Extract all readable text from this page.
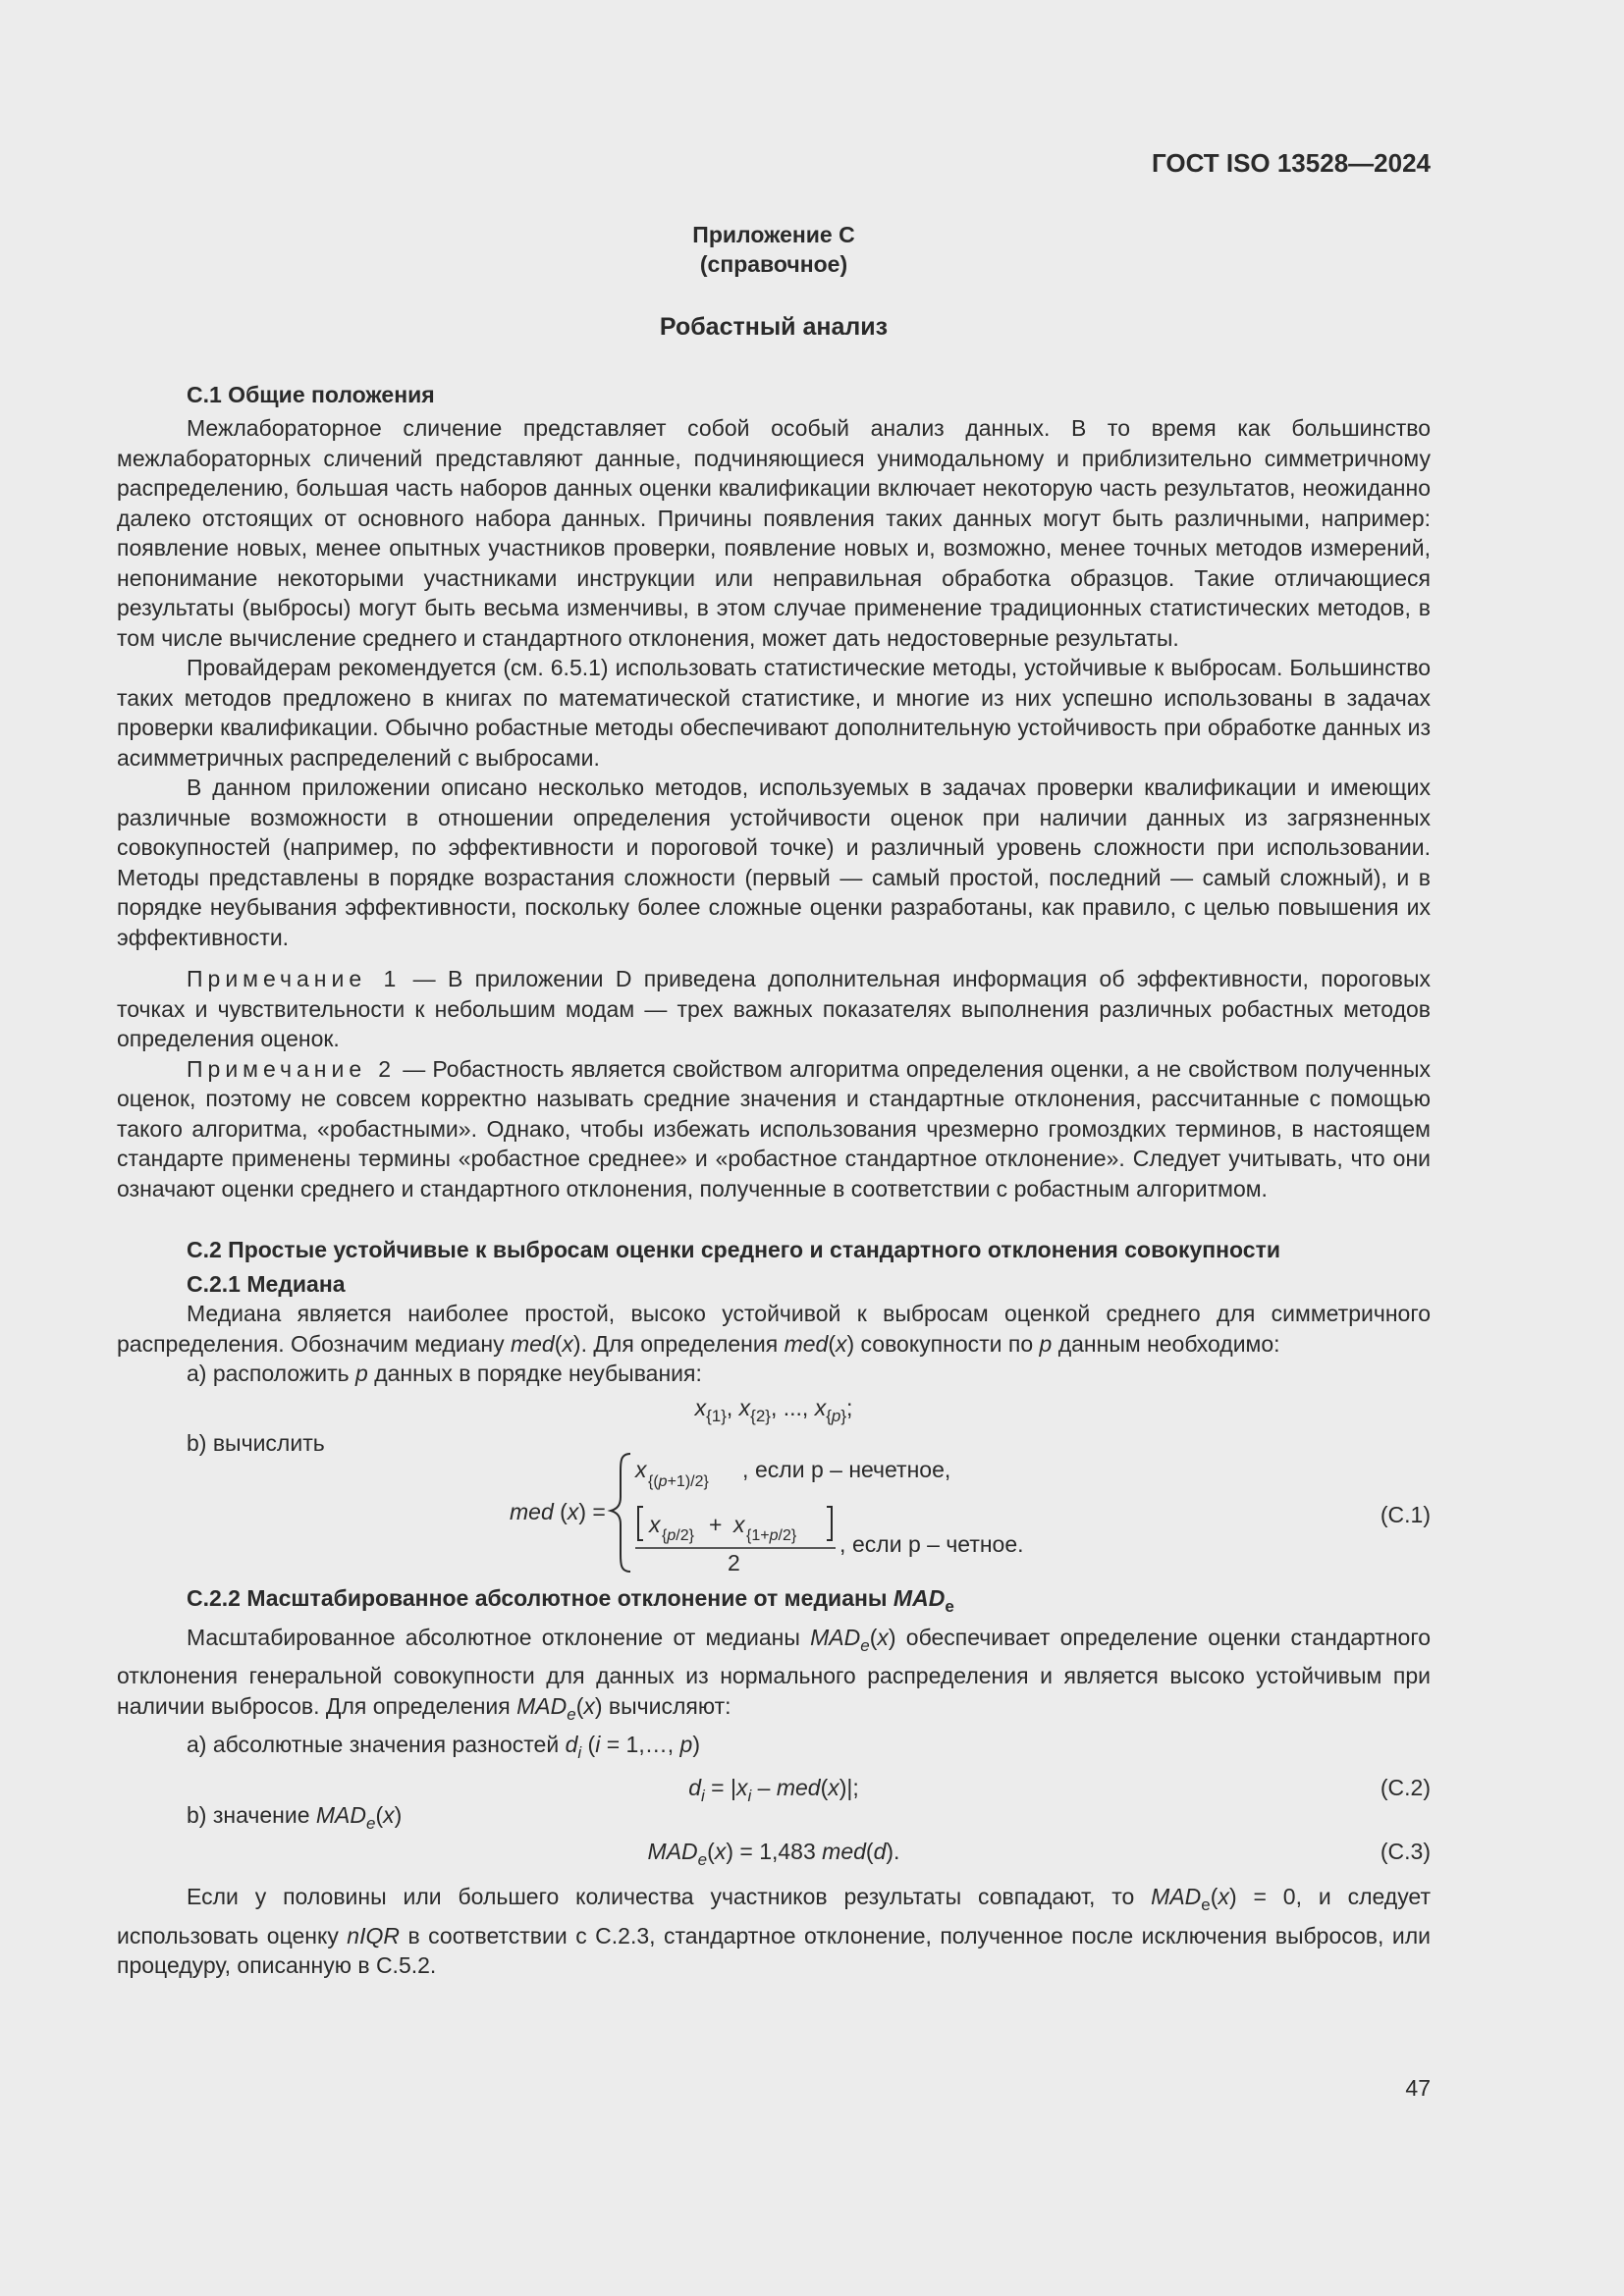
ГОСТ ISO 13528—2024
Приложение С
(справочное)
Робастный анализ
С.1 Общие положения

Межлабораторное сличение представляет собой особый анализ данных. В то время как большинство межлабораторных сличений представляют данные, подчиняющиеся унимодальному и приблизительно симметричному распределению, большая часть наборов данных оценки квалификации включает некоторую часть результатов, неожиданно далеко отстоящих от основного набора данных. Причины появления таких данных могут быть различными, например: появление новых, менее опытных участников проверки, появление новых и, возможно, менее точных методов измерений, непонимание некоторыми участниками инструкции или неправильная обработка образцов. Такие отличающиеся результаты (выбросы) могут быть весьма изменчивы, в этом случае применение традиционных статистических методов, в том числе вычисление среднего и стандартного отклонения, может дать недостоверные результаты.

Провайдерам рекомендуется (см. 6.5.1) использовать статистические методы, устойчивые к выбросам. Большинство таких методов предложено в книгах по математической статистике, и многие из них успешно использованы в задачах проверки квалификации. Обычно робастные методы обеспечивают дополнительную устойчивость при обработке данных из асимметричных распределений с выбросами.

В данном приложении описано несколько методов, используемых в задачах проверки квалификации и имеющих различные возможности в отношении определения устойчивости оценок при наличии данных из загрязненных совокупностей (например, по эффективности и пороговой точке) и различный уровень сложности при использовании. Методы представлены в порядке возрастания сложности (первый — самый простой, последний — самый сложный), и в порядке неубывания эффективности, поскольку более сложные оценки разработаны, как правило, с целью повышения их эффективности.

Примечание 1 — В приложении D приведена дополнительная информация об эффективности, пороговых точках и чувствительности к небольшим модам — трех важных показателях выполнения различных робастных методов определения оценок.

Примечание 2 — Робастность является свойством алгоритма определения оценки, а не свойством полученных оценок, поэтому не совсем корректно называть средние значения и стандартные отклонения, рассчитанные с помощью такого алгоритма, «робастными». Однако, чтобы избежать использования чрезмерно громоздких терминов, в настоящем стандарте применены термины «робастное среднее» и «робастное стандартное отклонение». Следует учитывать, что они означают оценки среднего и стандартного отклонения, полученные в соответствии с робастным алгоритмом.

С.2 Простые устойчивые к выбросам оценки среднего и стандартного отклонения совокупности
С.2.1 Медиана

Медиана является наиболее простой, высоко устойчивой к выбросам оценкой среднего для симметричного распределения. Обозначим медиану med(x). Для определения med(x) совокупности по p данным необходимо:

a) расположить p данных в порядке неубывания:
$x_{\{1\}}$, $x_{\{2\}}$, ..., $x_{\{p\}}$;
b) вычислить
med (x) =
x {(p+1)/2} , если p – нечетное,
x {p/2} + x {1+p/2}
2
, если p – четное.
(С.1)
С.2.2 Масштабированное абсолютное отклонение от медианы $MAD_e$

Масштабированное абсолютное отклонение от медианы $MAD_e(x)$ обеспечивает определение оценки стандартного отклонения генеральной совокупности для данных из нормального распределения и является высоко устойчивым при наличии выбросов. Для определения $MAD_e(x)$ вычисляют:

a) абсолютные значения разностей $d_i$ (i = 1,…, p)
$d_i = |x_i - med(x)|$;	(С.2)
b) значение $MAD_e(x)$
$MAD_e(x) = 1,483$ med(d).	(С.3)

Если у половины или большего количества участников результаты совпадают, то $MAD_e(x) = 0$, и следует использовать оценку nIQR в соответствии с С.2.3, стандартное отклонение, полученное после исключения выбросов, или процедуру, описанную в С.5.2.

47
